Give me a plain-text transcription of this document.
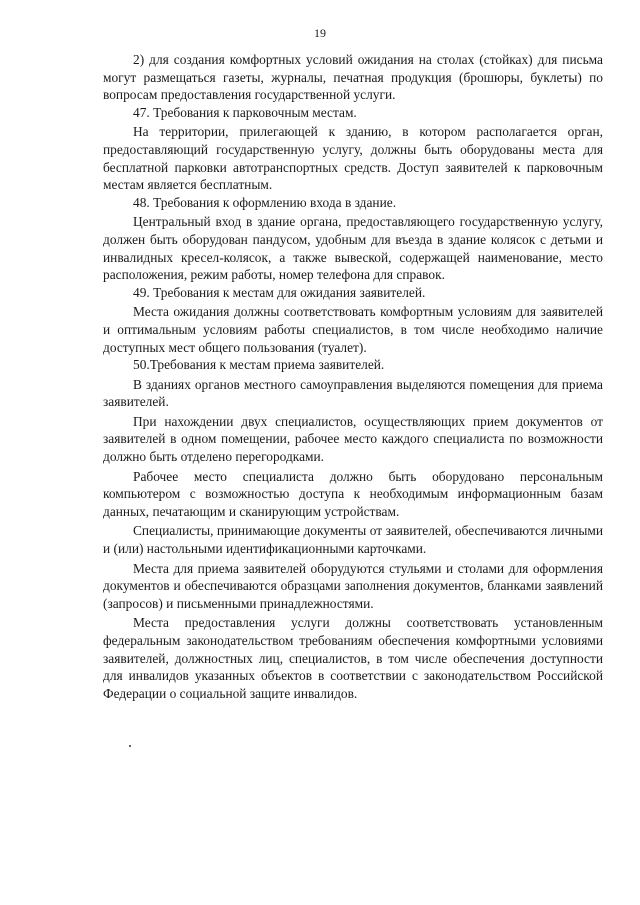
19

2) для создания комфортных условий ожидания на столах (стойках) для письма могут размещаться газеты, журналы, печатная продукция (брошюры, буклеты) по вопросам предоставления государственной услуги.

47. Требования к парковочным местам.

На территории, прилегающей к зданию, в котором располагается орган, предоставляющий государственную услугу, должны быть оборудованы места для бесплатной парковки автотранспортных средств. Доступ заявителей к парковочным местам является бесплатным.

48. Требования к оформлению входа в здание.

Центральный вход в здание органа, предоставляющего государственную услугу, должен быть оборудован пандусом, удобным для въезда в здание колясок с детьми и инвалидных кресел-колясок, а также вывеской, содержащей наименование, место расположения, режим работы, номер телефона для справок.

49. Требования к местам для ожидания заявителей.

Места ожидания должны соответствовать комфортным условиям для заявителей и оптимальным условиям работы специалистов, в том числе необходимо наличие доступных мест общего пользования (туалет).

50.Требования к местам приема заявителей.

В зданиях органов местного самоуправления выделяются помещения для приема заявителей.

При нахождении двух специалистов, осуществляющих прием документов от заявителей в одном помещении, рабочее место каждого специалиста по возможности должно быть отделено перегородками.

Рабочее место специалиста должно быть оборудовано персональным компьютером с возможностью доступа к необходимым информационным базам данных, печатающим и сканирующим устройствам.

Специалисты, принимающие документы от заявителей, обеспечиваются личными и (или) настольными идентификационными карточками.

Места для приема заявителей оборудуются стульями и столами для оформления документов и обеспечиваются образцами заполнения документов, бланками заявлений (запросов) и письменными принадлежностями.

Места предоставления услуги должны соответствовать установленным федеральным законодательством требованиям обеспечения комфортными условиями заявителей, должностных лиц, специалистов, в том числе обеспечения доступности для инвалидов указанных объектов в соответствии с законодательством Российской Федерации о социальной защите инвалидов.
